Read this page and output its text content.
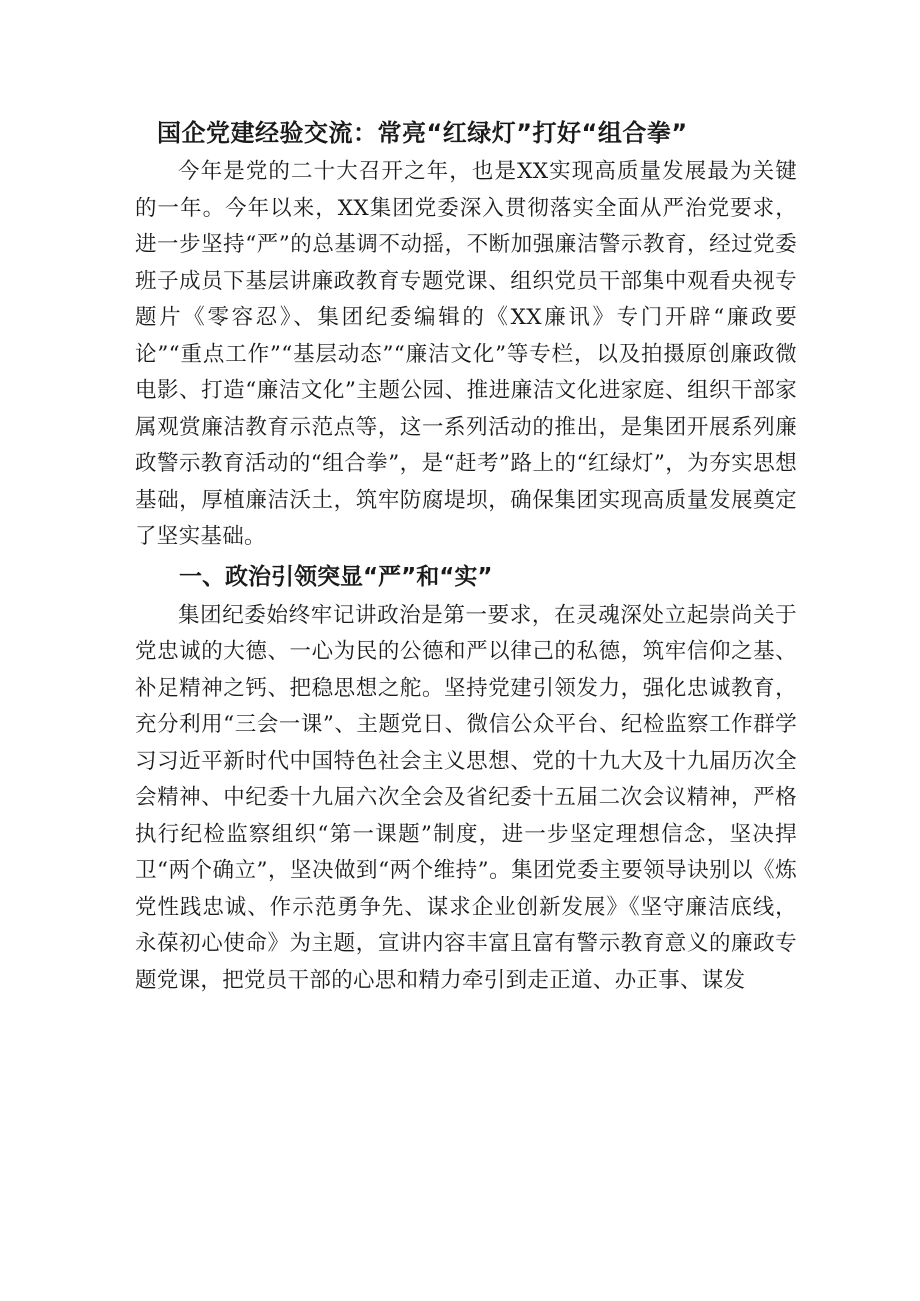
国企党建经验交流：常亮“红绿灯”打好“组合拳”

今年是党的二十大召开之年，也是XX实现高质量发展最为关键的一年。今年以来，XX集团党委深入贯彻落实全面从严治党要求，进一步坚持“严”的总基调不动摇，不断加强廉洁警示教育，经过党委班子成员下基层讲廉政教育专题党课、组织党员干部集中观看央视专题片《零容忍》、集团纪委编辑的《XX廉讯》专门开辟“廉政要论”“重点工作”“基层动态”“廉洁文化”等专栏，以及拍摄原创廉政微电影、打造“廉洁文化”主题公园、推进廉洁文化进家庭、组织干部家属观赏廉洁教育示范点等，这一系列活动的推出，是集团开展系列廉政警示教育活动的“组合拳”，是“赶考”路上的“红绿灯”，为夯实思想基础，厚植廉洁沃土，筑牢防腐堤坝，确保集团实现高质量发展奠定了坚实基础。

一、政治引领突显“严”和“实”

集团纪委始终牢记讲政治是第一要求，在灵魂深处立起崇尚关于党忠诚的大德、一心为民的公德和严以律己的私德，筑牢信仰之基、补足精神之钙、把稳思想之舵。坚持党建引领发力，强化忠诚教育，充分利用“三会一课”、主题党日、微信公众平台、纪检监察工作群学习习近平新时代中国特色社会主义思想、党的十九大及十九届历次全会精神、中纪委十九届六次全会及省纪委十五届二次会议精神，严格执行纪检监察组织“第一课题”制度，进一步坚定理想信念，坚决捍卫“两个确立”，坚决做到“两个维持”。集团党委主要领导诀别以《炼党性践忠诚、作示范勇争先、谋求企业创新发展》《坚守廉洁底线，永葆初心使命》为主题，宣讲内容丰富且富有警示教育意义的廉政专题党课，把党员干部的心思和精力牵引到走正道、办正事、谋发
